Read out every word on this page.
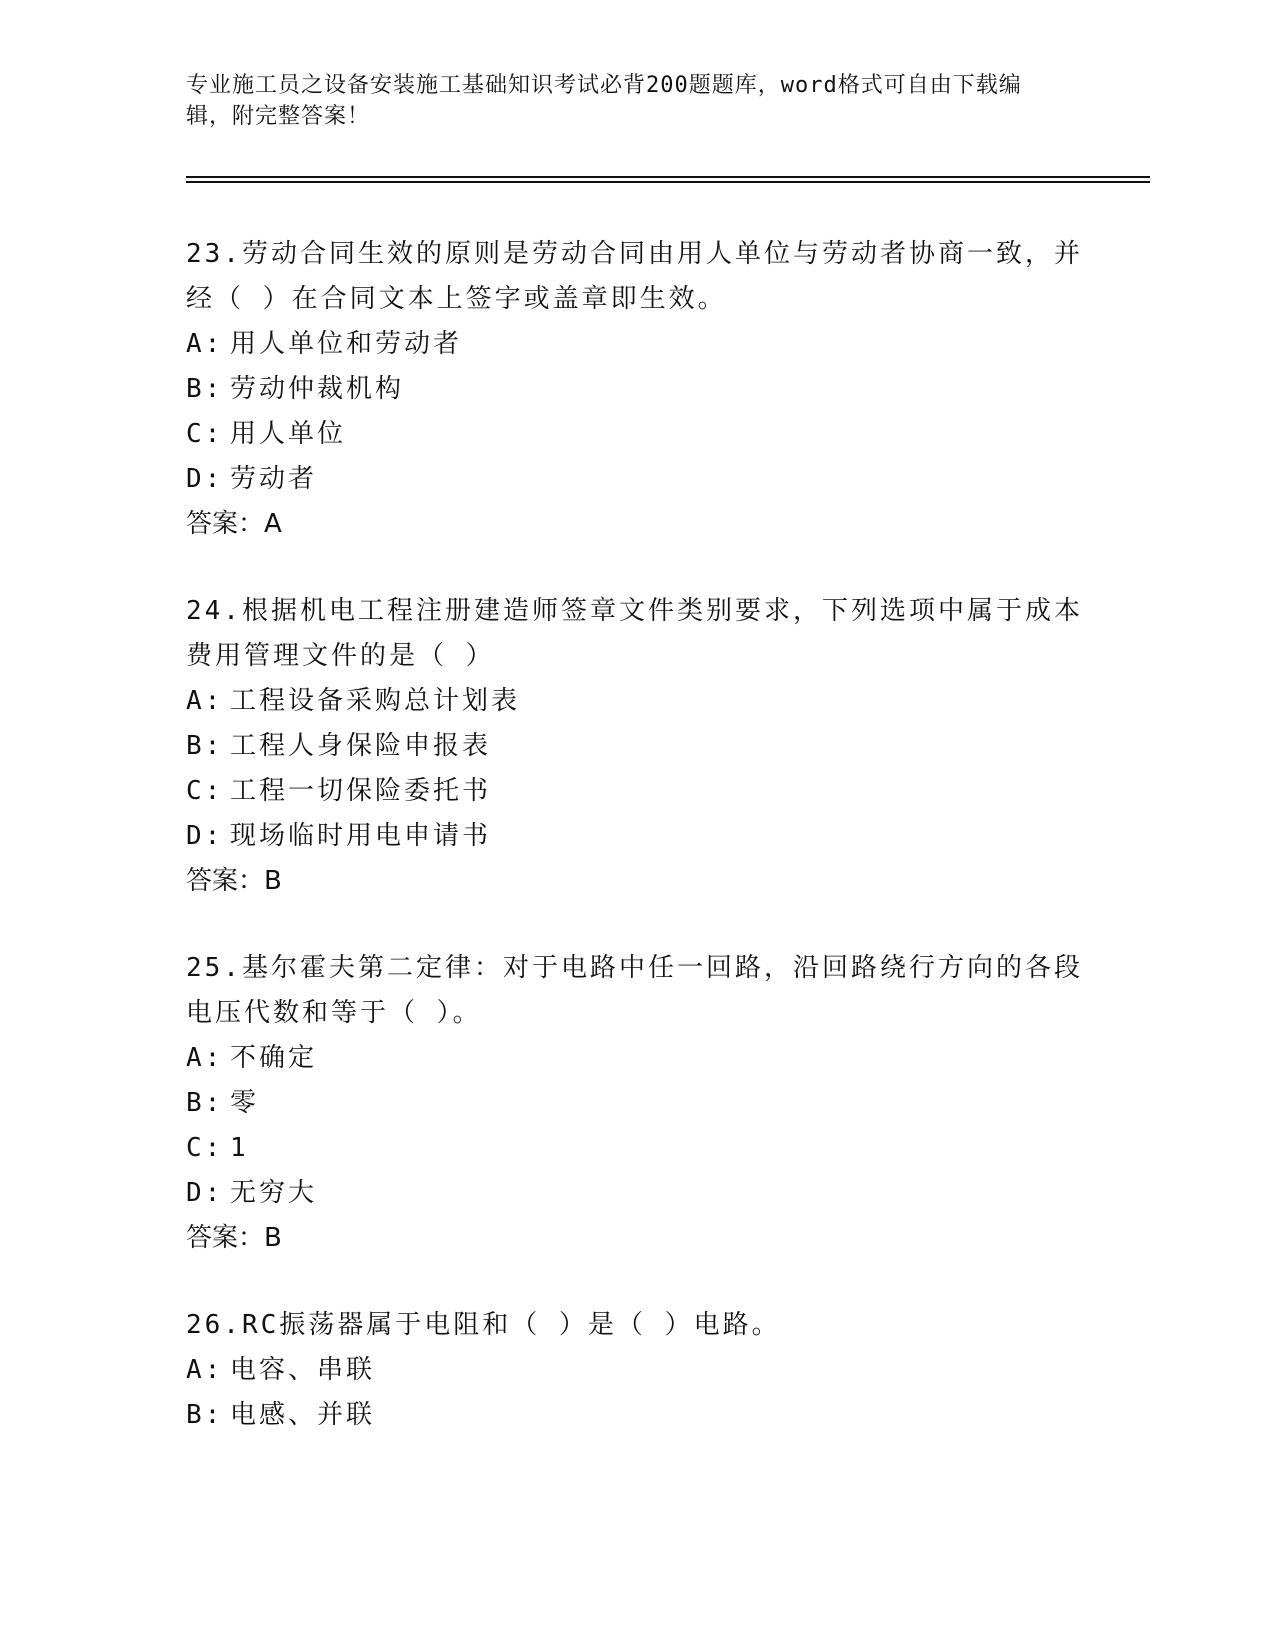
专业施工员之设备安装施工基础知识考试必背200题题库，word格式可自由下载编辑，附完整答案！

23.劳动合同生效的原则是劳动合同由用人单位与劳动者协商一致，并经（ ）在合同文本上签字或盖章即生效。

A: 用人单位和劳动者

B: 劳动仲裁机构

C: 用人单位

D: 劳动者

答案：A

24.根据机电工程注册建造师签章文件类别要求，下列选项中属于成本费用管理文件的是（ ）

A: 工程设备采购总计划表

B: 工程人身保险申报表

C: 工程一切保险委托书

D: 现场临时用电申请书

答案：B

25.基尔霍夫第二定律：对于电路中任一回路，沿回路绕行方向的各段电压代数和等于（ ）。

A: 不确定

B: 零

C: 1

D: 无穷大

答案：B

26.RC振荡器属于电阻和（ ）是（ ）电路。

A: 电容、串联

B: 电感、并联
